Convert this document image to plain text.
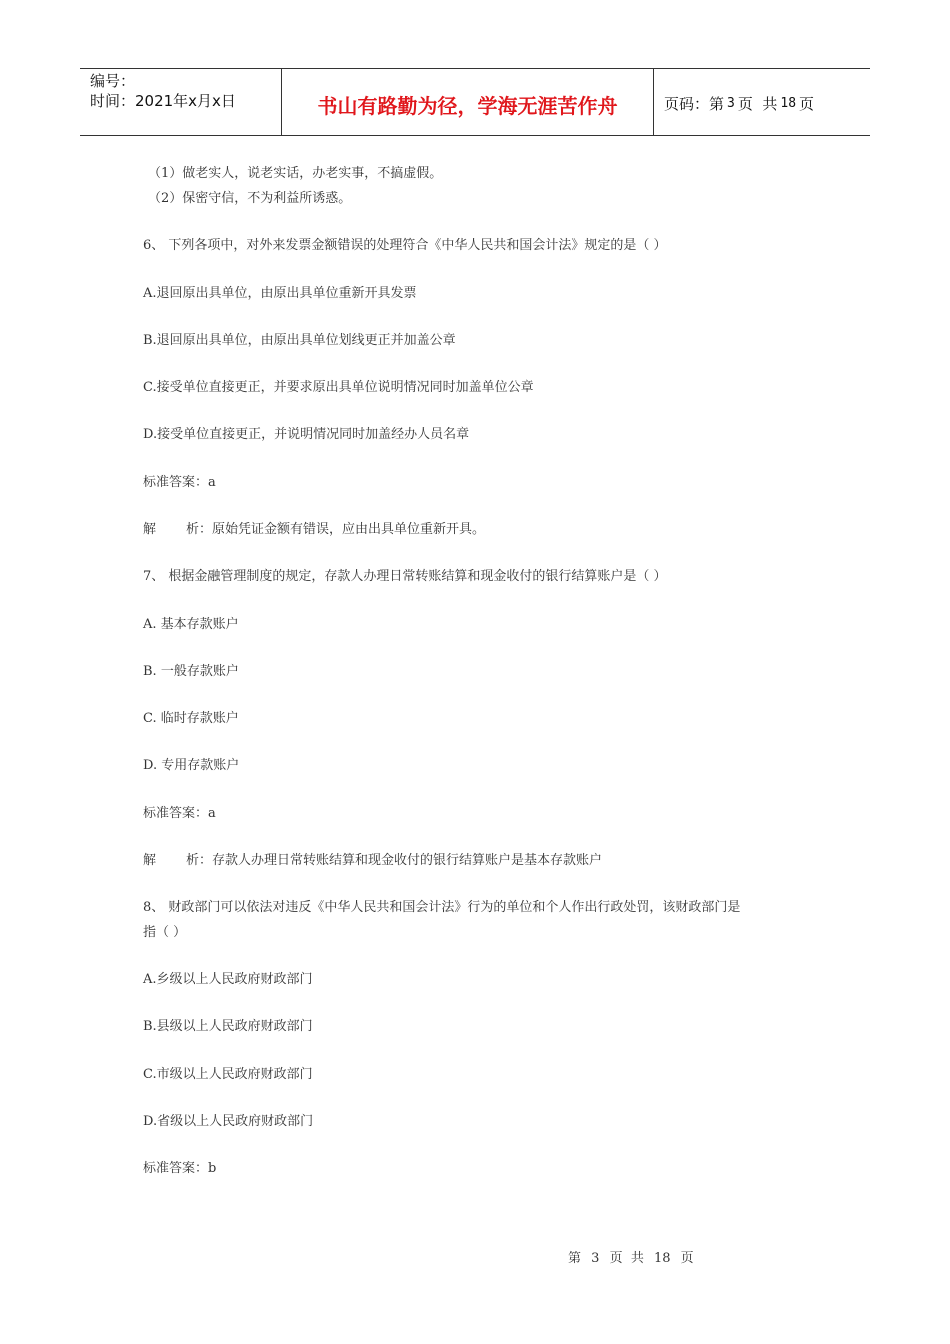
编号：
时间：2021年x月x日	书山有路勤为径，学海无涯苦作舟	页码：第 3 页  共 18 页
（1）做老实人，说老实话，办老实事，不搞虚假。
（2）保密守信，不为利益所诱惑。
6、 下列各项中，对外来发票金额错误的处理符合《中华人民共和国会计法》规定的是（ ）
A.退回原出具单位，由原出具单位重新开具发票
B.退回原出具单位，由原出具单位划线更正并加盖公章
C.接受单位直接更正，并要求原出具单位说明情况同时加盖单位公章
D.接受单位直接更正，并说明情况同时加盖经办人员名章
标准答案：a
解 析：原始凭证金额有错误，应由出具单位重新开具。
7、 根据金融管理制度的规定，存款人办理日常转账结算和现金收付的银行结算账户是（ ）
A. 基本存款账户
B. 一般存款账户
C. 临时存款账户
D. 专用存款账户
标准答案：a
解 析：存款人办理日常转账结算和现金收付的银行结算账户是基本存款账户
8、 财政部门可以依法对违反《中华人民共和国会计法》行为的单位和个人作出行政处罚，该财政部门是
指（ ）
A.乡级以上人民政府财政部门
B.县级以上人民政府财政部门
C.市级以上人民政府财政部门
D.省级以上人民政府财政部门
标准答案：b
第 3 页  共 18 页
